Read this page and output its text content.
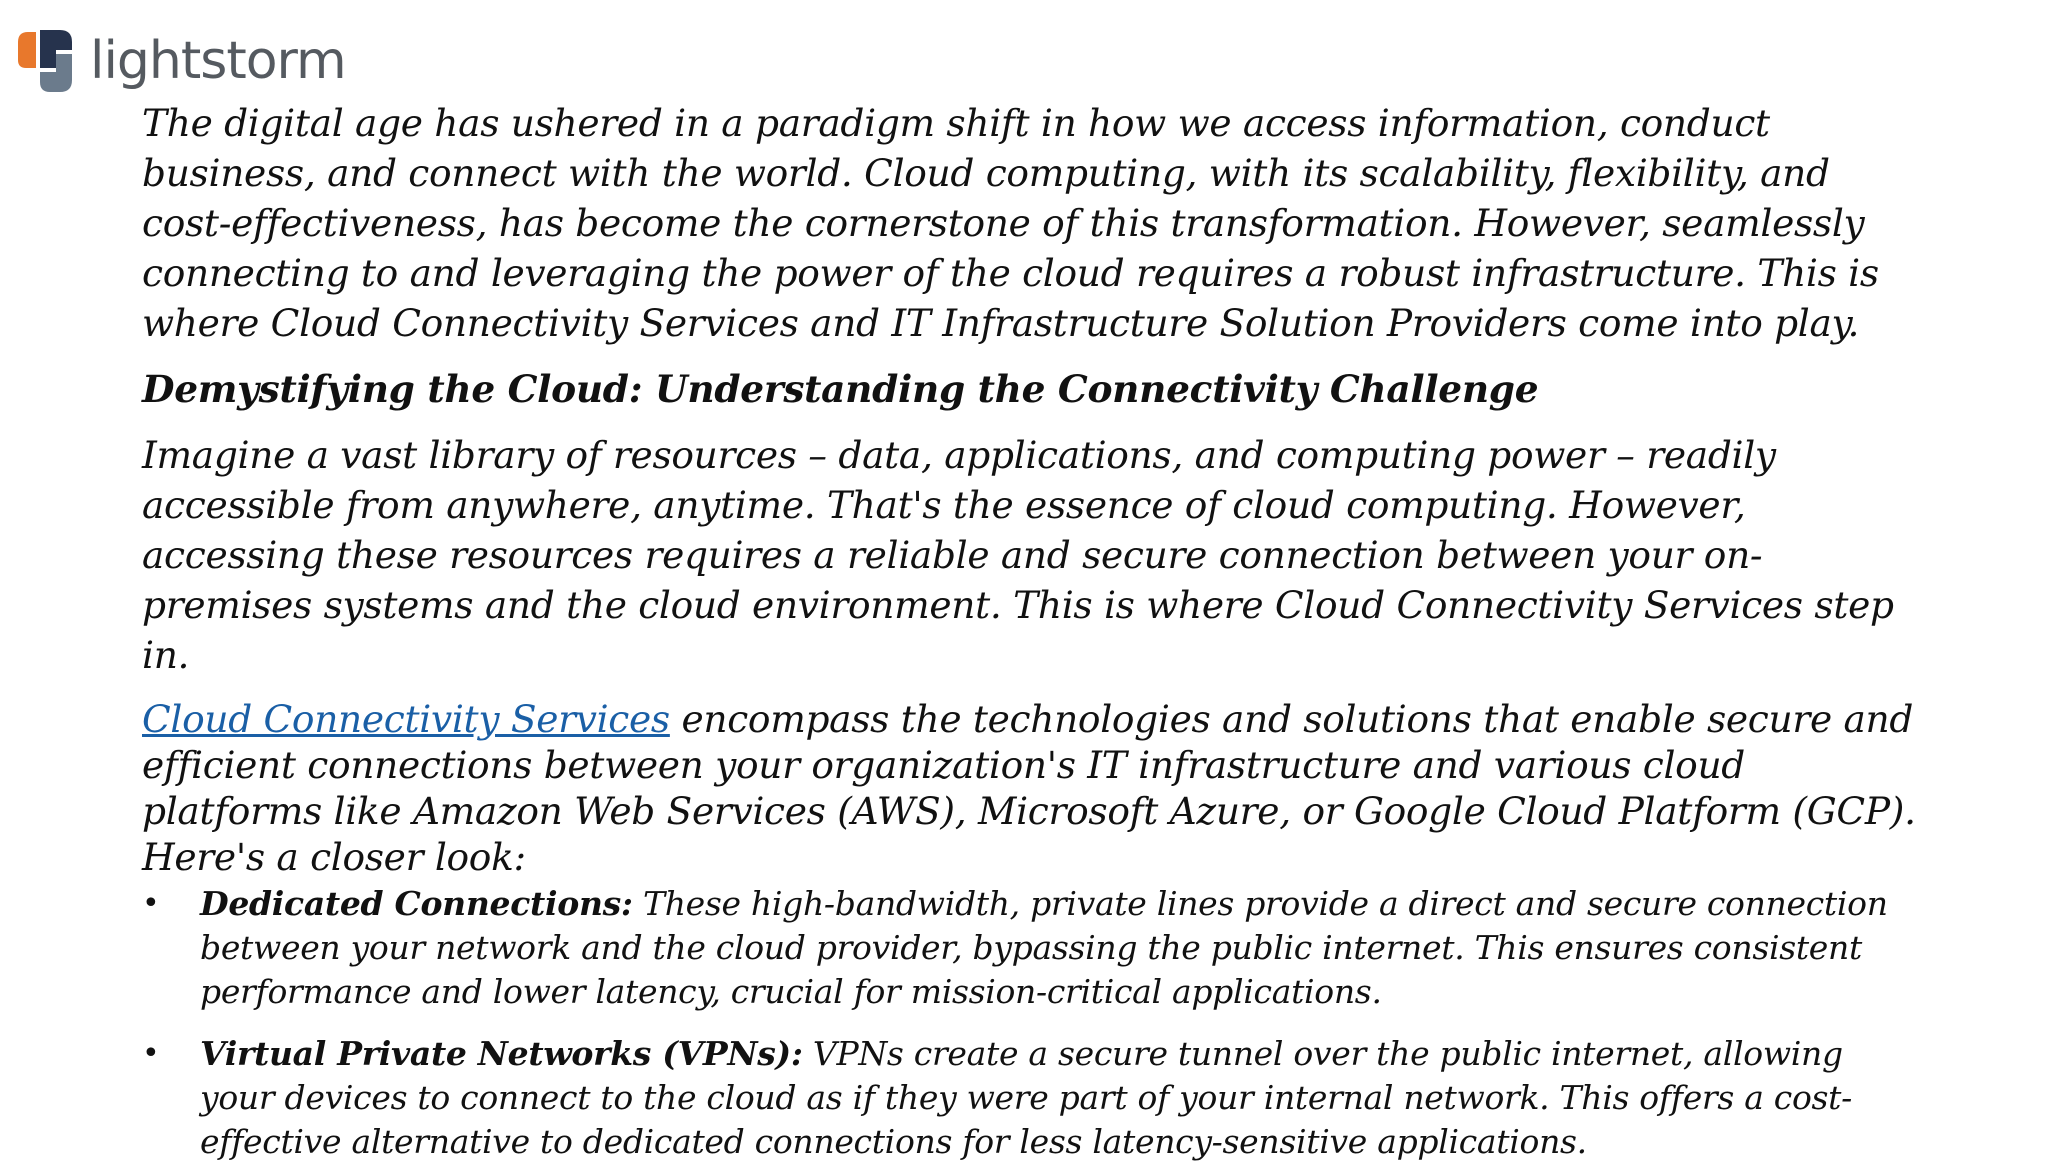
lightstorm

The digital age has ushered in a paradigm shift in how we access information, conduct business, and connect with the world. Cloud computing, with its scalability, flexibility, and cost-effectiveness, has become the cornerstone of this transformation. However, seamlessly connecting to and leveraging the power of the cloud requires a robust infrastructure. This is where Cloud Connectivity Services and IT Infrastructure Solution Providers come into play.

Demystifying the Cloud: Understanding the Connectivity Challenge

Imagine a vast library of resources – data, applications, and computing power – readily accessible from anywhere, anytime. That's the essence of cloud computing. However, accessing these resources requires a reliable and secure connection between your on-premises systems and the cloud environment. This is where Cloud Connectivity Services step in.

Cloud Connectivity Services encompass the technologies and solutions that enable secure and efficient connections between your organization's IT infrastructure and various cloud platforms like Amazon Web Services (AWS), Microsoft Azure, or Google Cloud Platform (GCP). Here's a closer look:

• Dedicated Connections: These high-bandwidth, private lines provide a direct and secure connection between your network and the cloud provider, bypassing the public internet. This ensures consistent performance and lower latency, crucial for mission-critical applications.
• Virtual Private Networks (VPNs): VPNs create a secure tunnel over the public internet, allowing your devices to connect to the cloud as if they were part of your internal network. This offers a cost-effective alternative to dedicated connections for less latency-sensitive applications.
